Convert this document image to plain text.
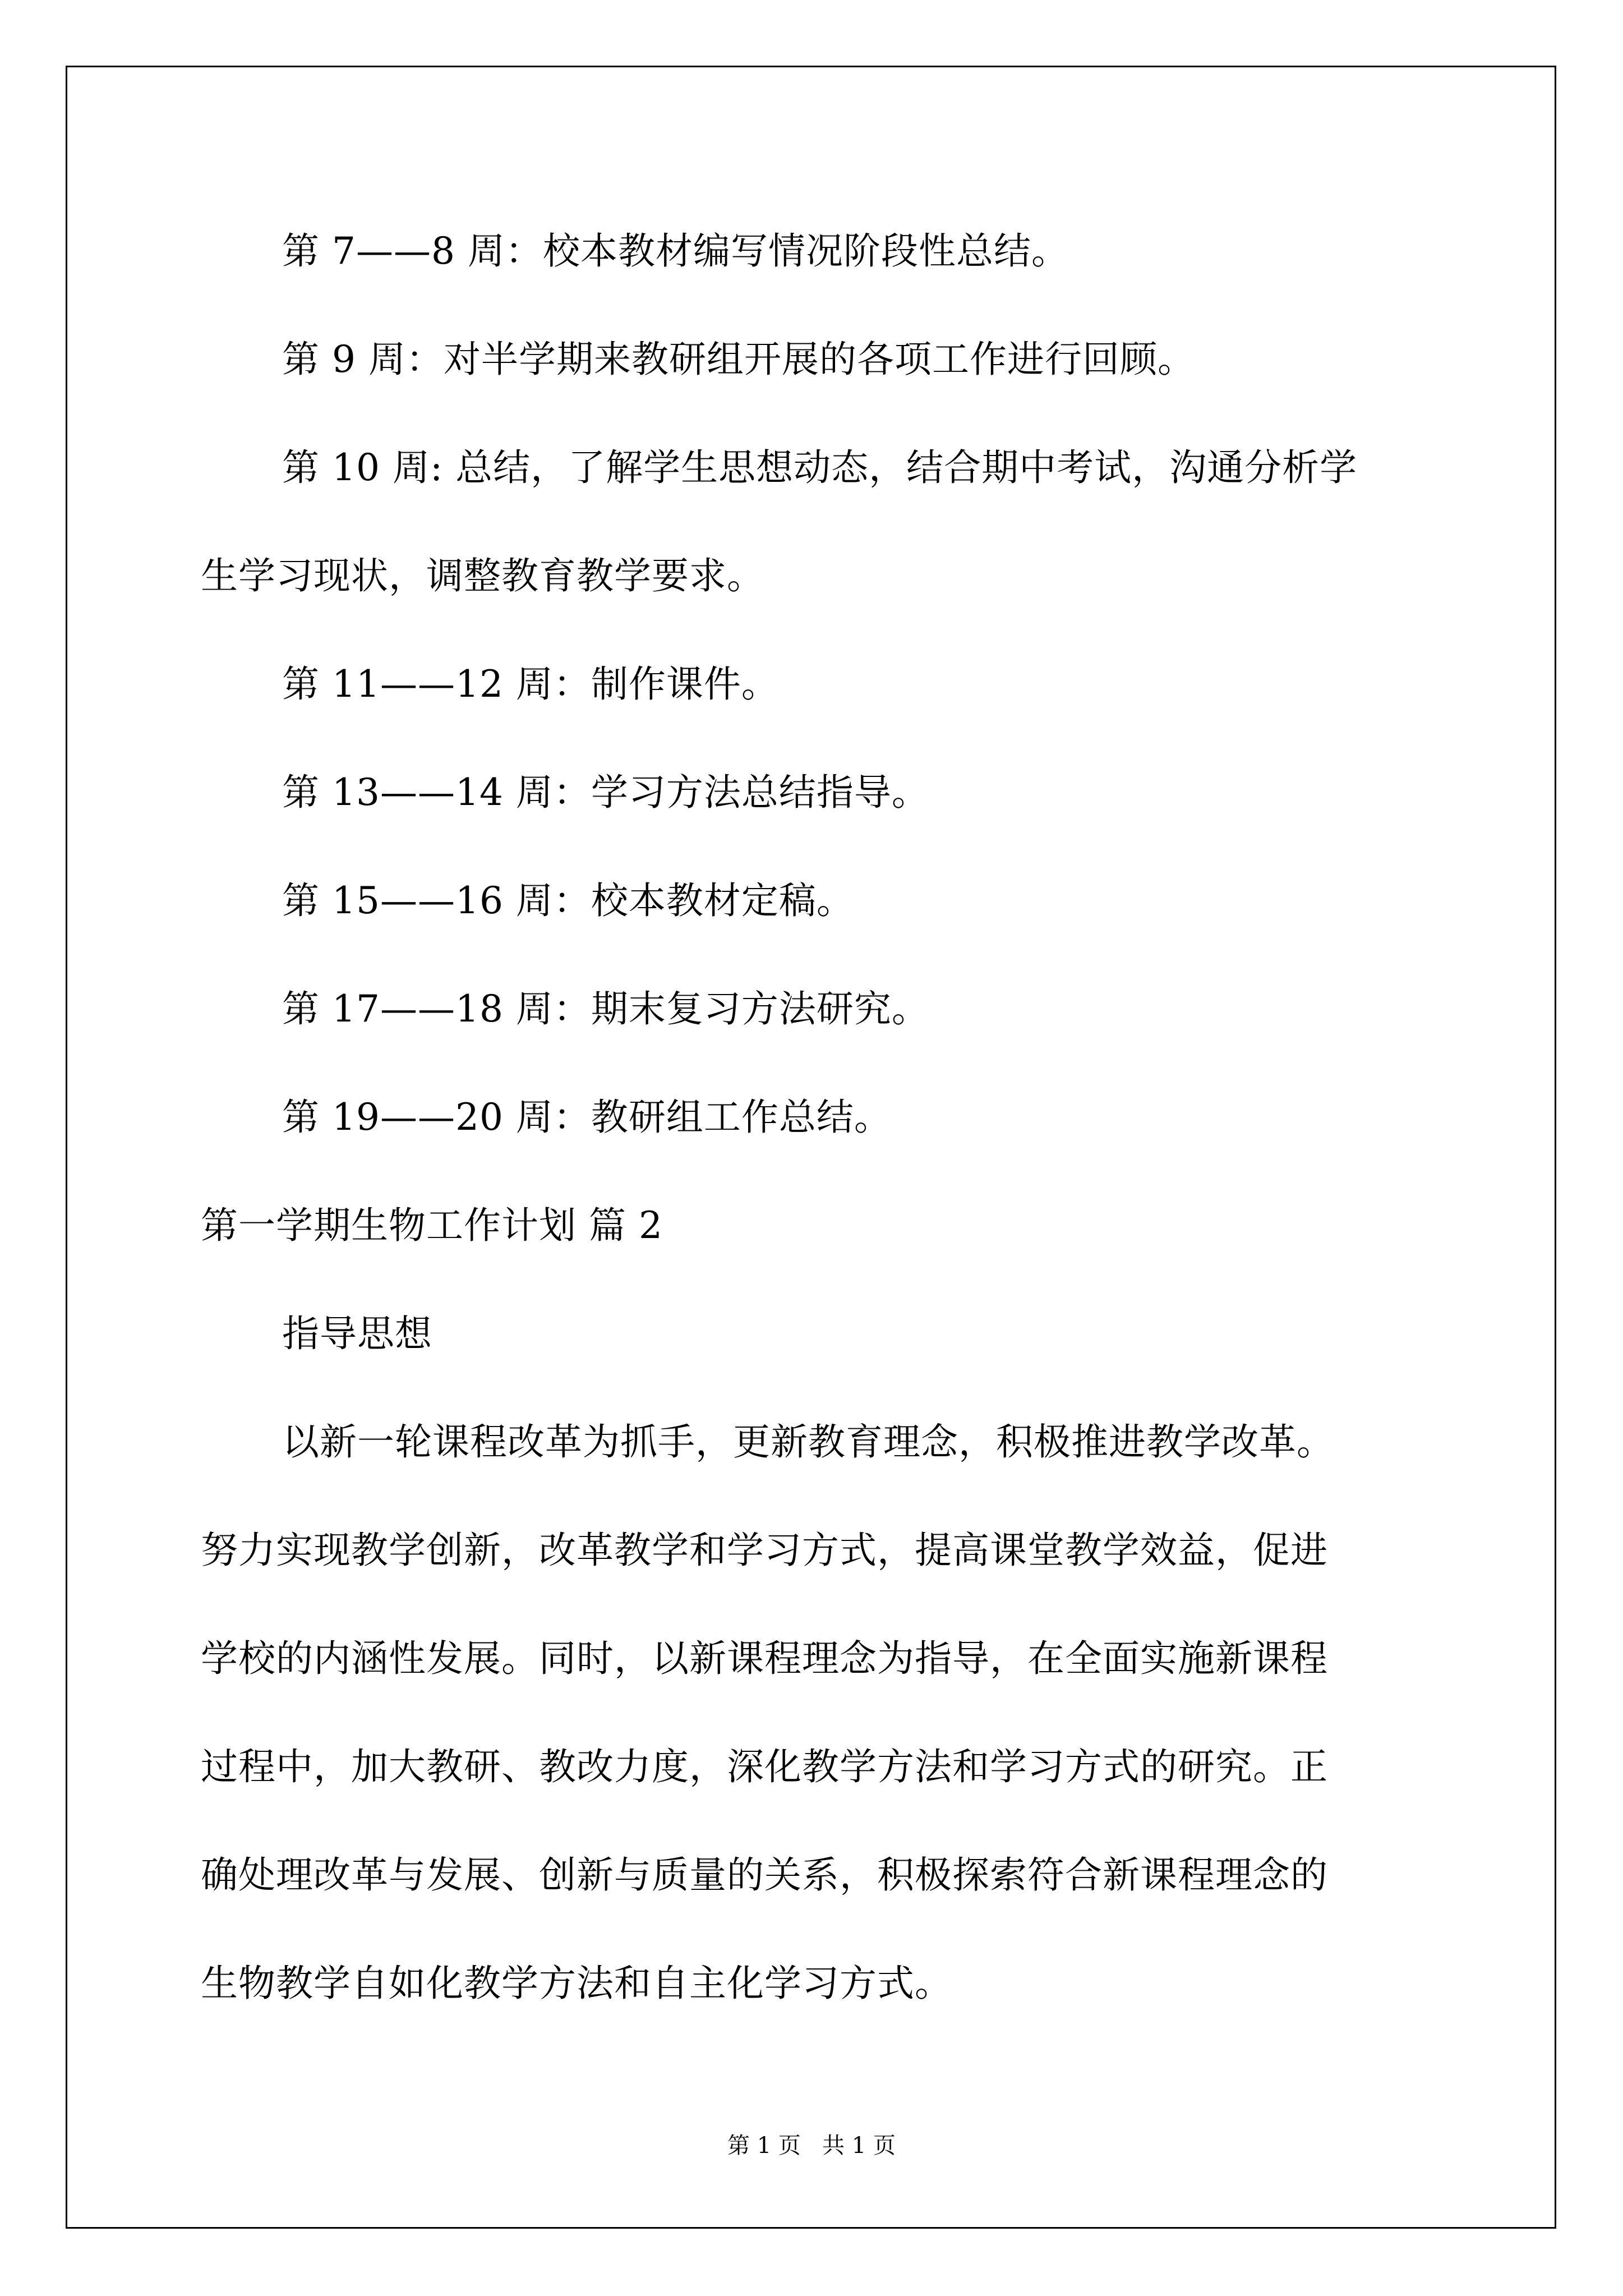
第 7——8 周：校本教材编写情况阶段性总结。
第 9 周：对半学期来教研组开展的各项工作进行回顾。
第 10 周: 总结，了解学生思想动态，结合期中考试，沟通分析学
生学习现状，调整教育教学要求。
第 11——12 周：制作课件。
第 13——14 周：学习方法总结指导。
第 15——16 周：校本教材定稿。
第 17——18 周：期末复习方法研究。
第 19——20 周：教研组工作总结。
第一学期生物工作计划 篇 2
指导思想
以新一轮课程改革为抓手，更新教育理念，积极推进教学改革。
努力实现教学创新，改革教学和学习方式，提高课堂教学效益，促进
学校的内涵性发展。同时，以新课程理念为指导，在全面实施新课程
过程中，加大教研、教改力度，深化教学方法和学习方式的研究。正
确处理改革与发展、创新与质量的关系，积极探索符合新课程理念的
生物教学自如化教学方法和自主化学习方式。
第 1 页   共 1 页
